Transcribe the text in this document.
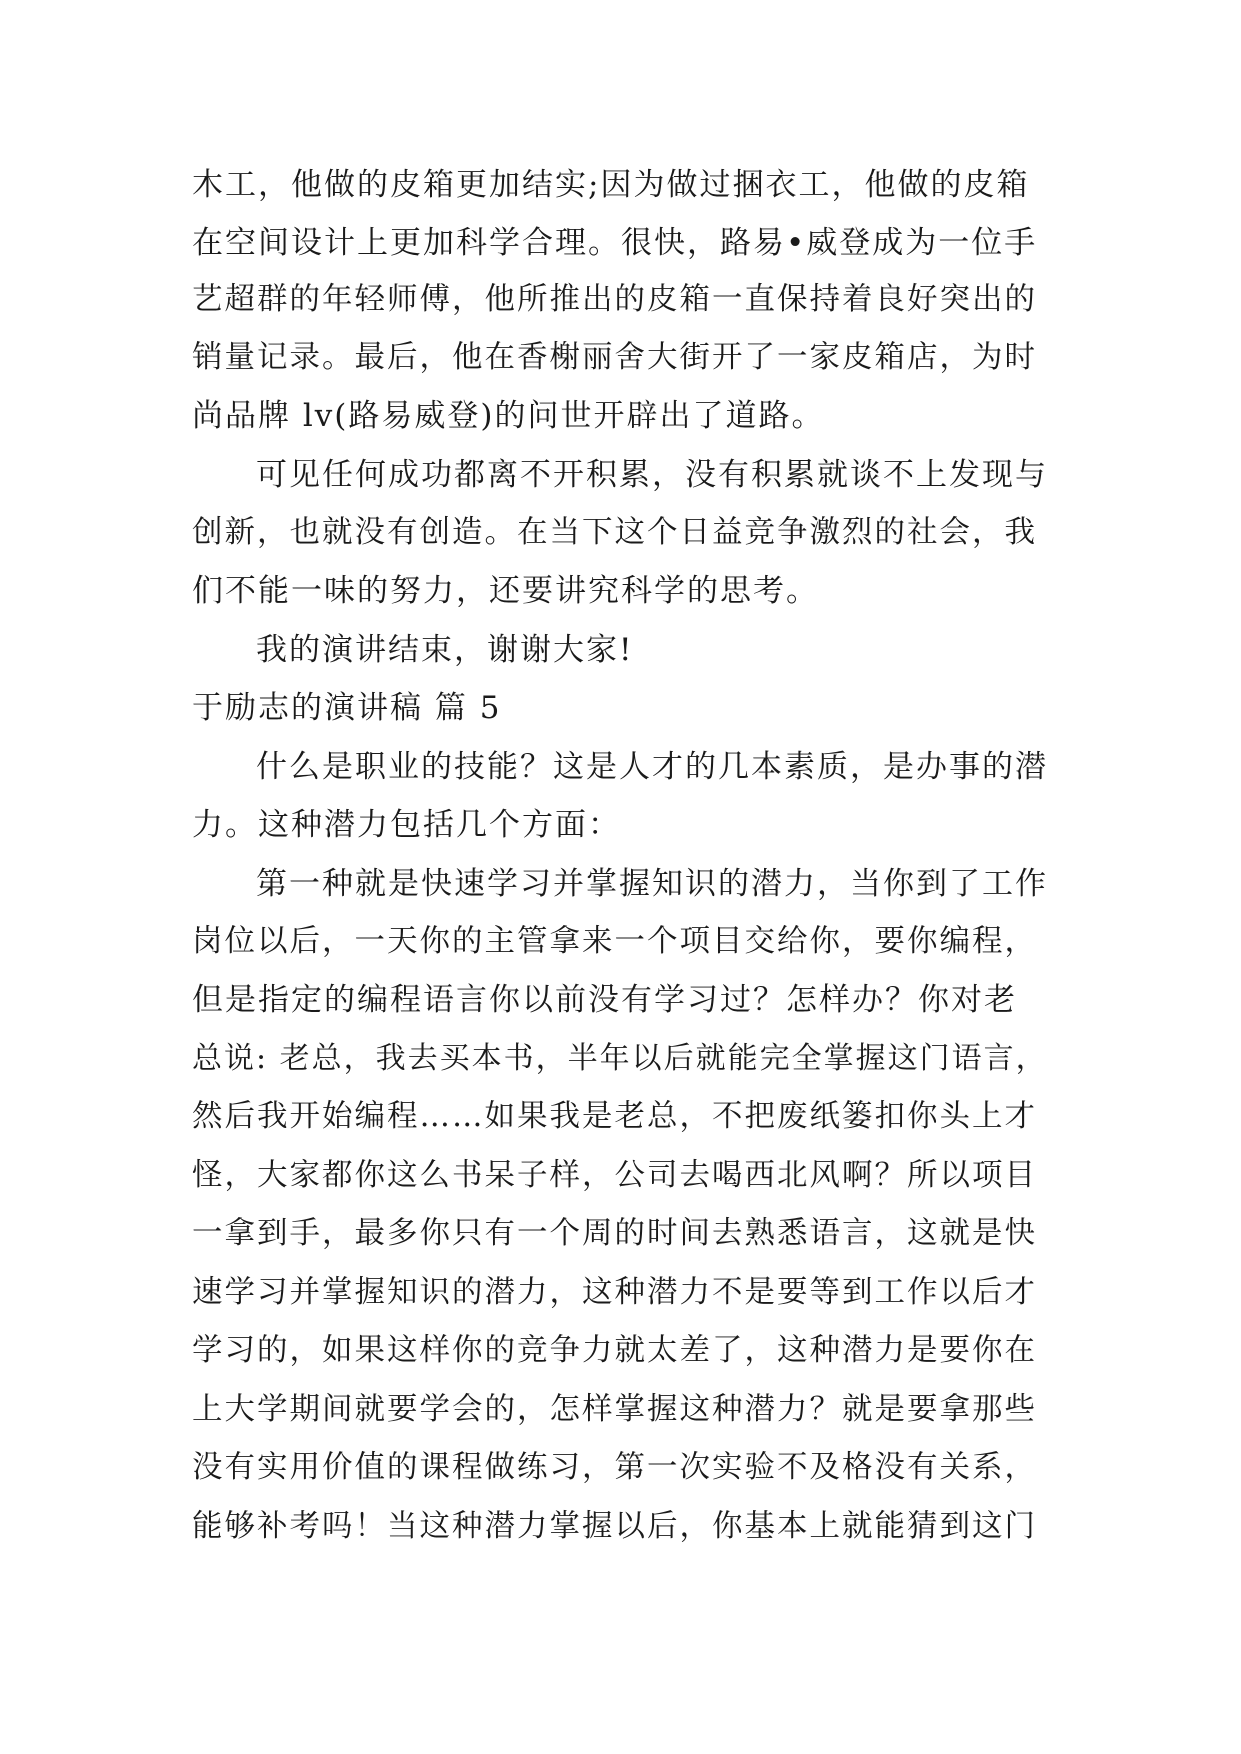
木工，他做的皮箱更加结实;因为做过捆衣工，他做的皮箱
在空间设计上更加科学合理。很快，路易•威登成为一位手
艺超群的年轻师傅，他所推出的皮箱一直保持着良好突出的
销量记录。最后，他在香榭丽舍大街开了一家皮箱店，为时
尚品牌 lv(路易威登)的问世开辟出了道路。
可见任何成功都离不开积累，没有积累就谈不上发现与
创新，也就没有创造。在当下这个日益竞争激烈的社会，我
们不能一味的努力，还要讲究科学的思考。
我的演讲结束，谢谢大家!
于励志的演讲稿 篇 5
什么是职业的技能？这是人才的几本素质，是办事的潜
力。这种潜力包括几个方面：
第一种就是快速学习并掌握知识的潜力，当你到了工作
岗位以后，一天你的主管拿来一个项目交给你，要你编程，
但是指定的编程语言你以前没有学习过？怎样办？你对老
总说: 老总，我去买本书，半年以后就能完全掌握这门语言，
然后我开始编程……如果我是老总，不把废纸篓扣你头上才
怪，大家都你这么书呆子样，公司去喝西北风啊？所以项目
一拿到手，最多你只有一个周的时间去熟悉语言，这就是快
速学习并掌握知识的潜力，这种潜力不是要等到工作以后才
学习的，如果这样你的竞争力就太差了，这种潜力是要你在
上大学期间就要学会的，怎样掌握这种潜力？就是要拿那些
没有实用价值的课程做练习，第一次实验不及格没有关系，
能够补考吗！当这种潜力掌握以后，你基本上就能猜到这门
